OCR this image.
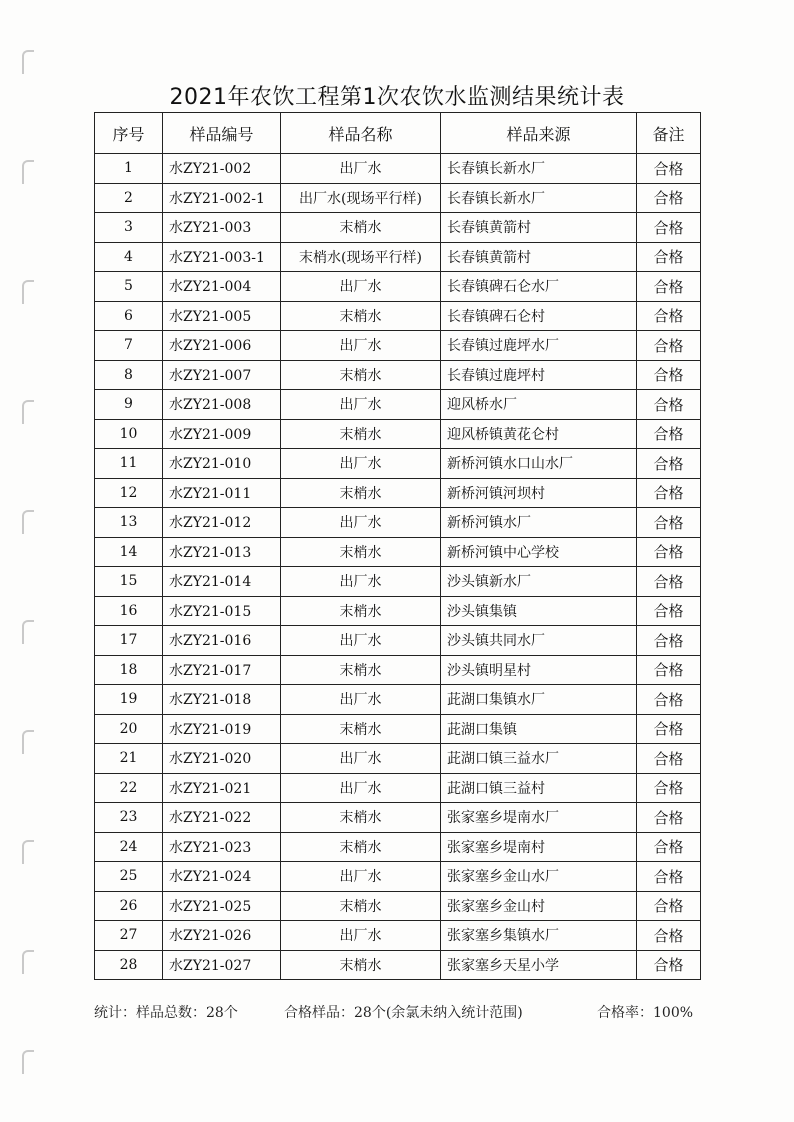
2021年农饮工程第1次农饮水监测结果统计表
序号	样品编号	样品名称	样品来源	备注
1	水ZY21-002	出厂水	长春镇长新水厂	合格
2	水ZY21-002-1	出厂水(现场平行样)	长春镇长新水厂	合格
3	水ZY21-003	末梢水	长春镇黄箭村	合格
4	水ZY21-003-1	末梢水(现场平行样)	长春镇黄箭村	合格
5	水ZY21-004	出厂水	长春镇碑石仑水厂	合格
6	水ZY21-005	末梢水	长春镇碑石仑村	合格
7	水ZY21-006	出厂水	长春镇过鹿坪水厂	合格
8	水ZY21-007	末梢水	长春镇过鹿坪村	合格
9	水ZY21-008	出厂水	迎风桥水厂	合格
10	水ZY21-009	末梢水	迎风桥镇黄花仑村	合格
11	水ZY21-010	出厂水	新桥河镇水口山水厂	合格
12	水ZY21-011	末梢水	新桥河镇河坝村	合格
13	水ZY21-012	出厂水	新桥河镇水厂	合格
14	水ZY21-013	末梢水	新桥河镇中心学校	合格
15	水ZY21-014	出厂水	沙头镇新水厂	合格
16	水ZY21-015	末梢水	沙头镇集镇	合格
17	水ZY21-016	出厂水	沙头镇共同水厂	合格
18	水ZY21-017	末梢水	沙头镇明星村	合格
19	水ZY21-018	出厂水	茈湖口集镇水厂	合格
20	水ZY21-019	末梢水	茈湖口集镇	合格
21	水ZY21-020	出厂水	茈湖口镇三益水厂	合格
22	水ZY21-021	出厂水	茈湖口镇三益村	合格
23	水ZY21-022	末梢水	张家塞乡堤南水厂	合格
24	水ZY21-023	末梢水	张家塞乡堤南村	合格
25	水ZY21-024	出厂水	张家塞乡金山水厂	合格
26	水ZY21-025	末梢水	张家塞乡金山村	合格
27	水ZY21-026	出厂水	张家塞乡集镇水厂	合格
28	水ZY21-027	末梢水	张家塞乡天星小学	合格
统计：样品总数：28个	合格样品：28个(余氯未纳入统计范围)	合格率：100%
